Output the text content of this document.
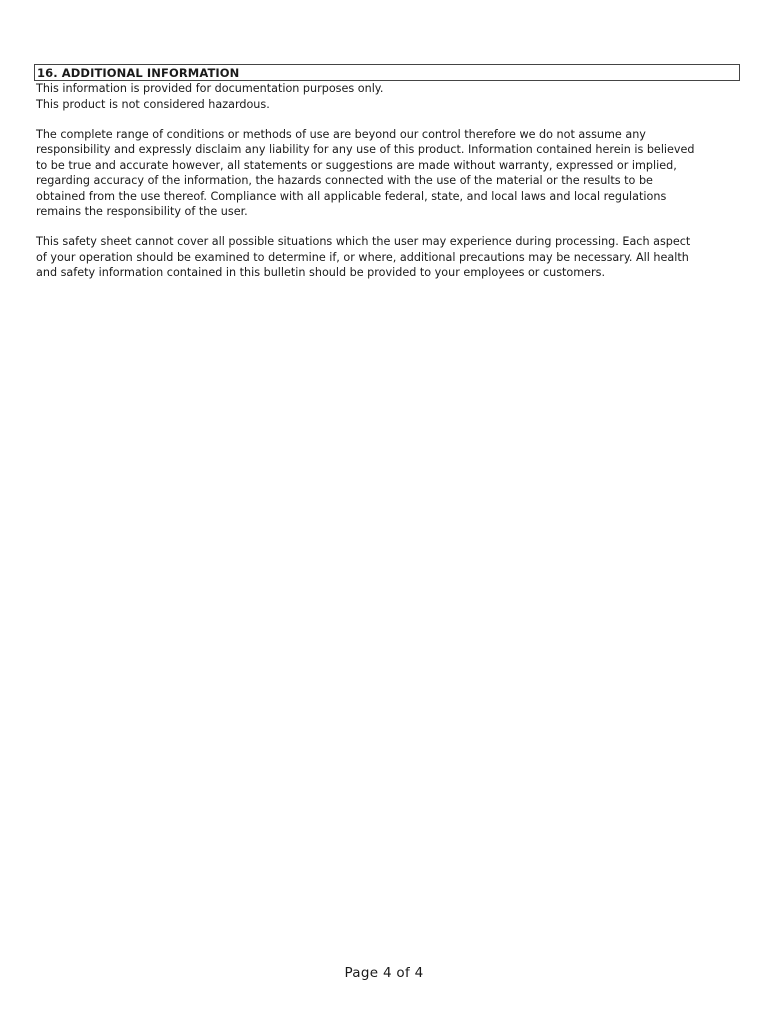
16. ADDITIONAL INFORMATION
This information is provided for documentation purposes only.
This product is not considered hazardous.
The complete range of conditions or methods of use are beyond our control therefore we do not assume any
responsibility and expressly disclaim any liability for any use of this product. Information contained herein is believed
to be true and accurate however, all statements or suggestions are made without warranty, expressed or implied,
regarding accuracy of the information, the hazards connected with the use of the material or the results to be
obtained from the use thereof. Compliance with all applicable federal, state, and local laws and local regulations
remains the responsibility of the user.
This safety sheet cannot cover all possible situations which the user may experience during processing. Each aspect
of your operation should be examined to determine if, or where, additional precautions may be necessary. All health
and safety information contained in this bulletin should be provided to your employees or customers.
Page 4 of 4
